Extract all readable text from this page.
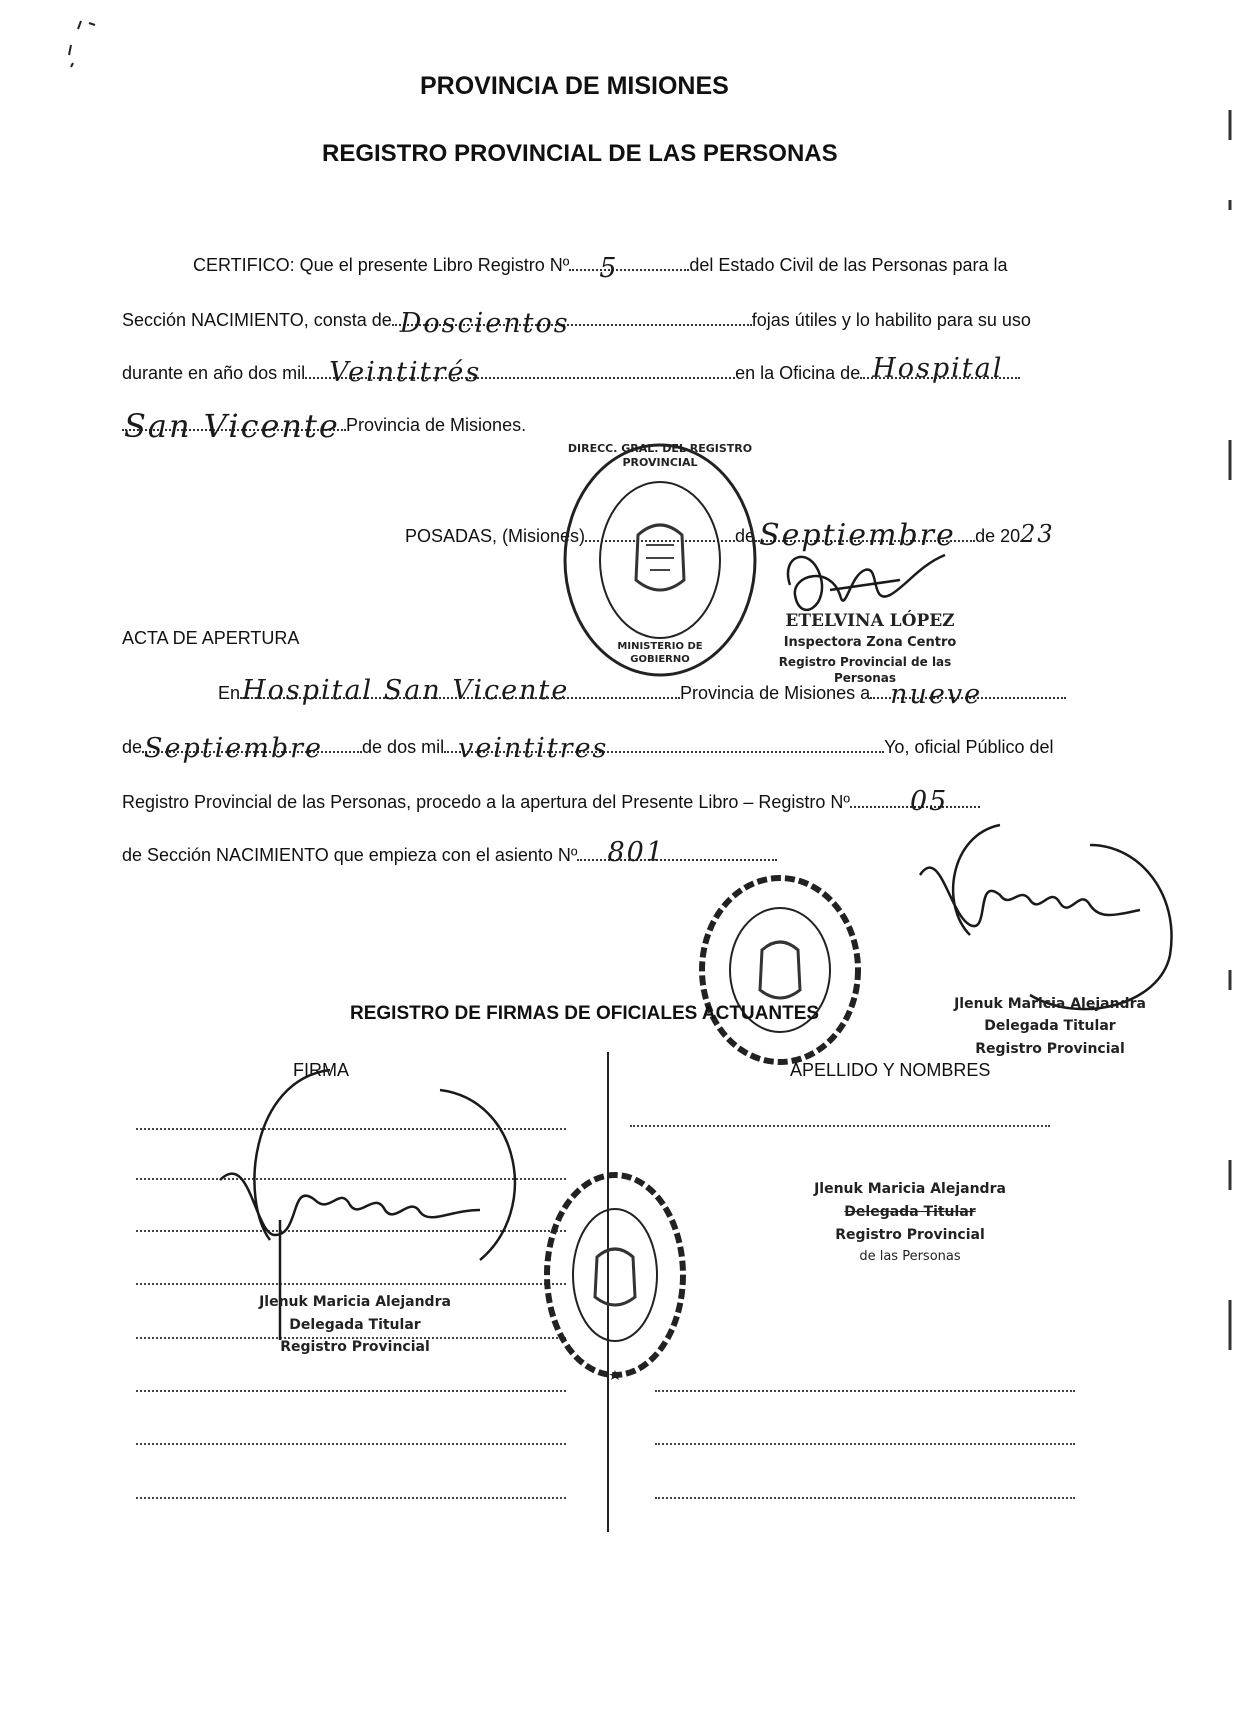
PROVINCIA DE MISIONES
REGISTRO PROVINCIAL DE LAS PERSONAS
CERTIFICO: Que el presente Libro Registro Nº 5	del Estado Civil de las Personas para la
Sección NACIMIENTO, consta de Doscientos	fojas útiles y lo habilito para su uso
durante en año dos mil Veintitrés	en la Oficina de Hospital
San Vicente Provincia de Misiones.
POSADAS, (Misiones)	de Septiembre de 2023
DIRECC. GRAL. DEL REGISTRO PROVINCIAL
MINISTERIO DE GOBIERNO
ETELVINA LÓPEZ
Inspectora Zona Centro
Registro Provincial de las Personas
ACTA DE APERTURA
En Hospital San Vicente	Provincia de Misiones a nueve
de Septiembre de dos mil veintitres	Yo, oficial Público del
Registro Provincial de las Personas, procedo a la apertura del Presente Libro – Registro Nº 05
de Sección NACIMIENTO que empieza con el asiento Nº 801
Jlenuk Maricia Alejandra
Delegada Titular
Registro Provincial
REGISTRO DE FIRMAS DE OFICIALES ACTUANTES
FIRMA	APELLIDO Y NOMBRES
Jlenuk Maricia Alejandra
Delegada Titular
Registro Provincial
Jlenuk Maricia Alejandra
Delegada Titular
Registro Provincial
de las Personas
